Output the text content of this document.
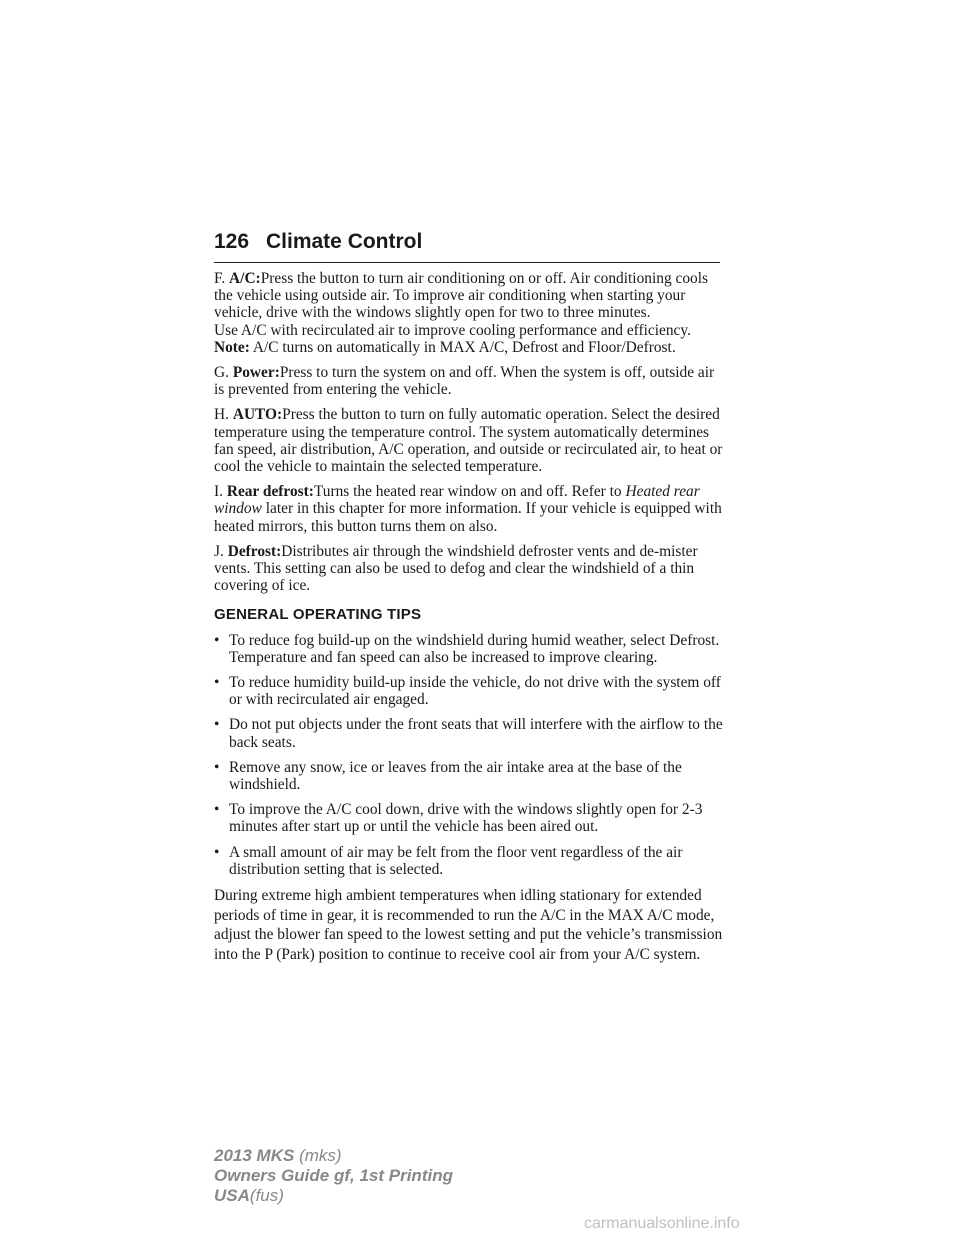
126 Climate Control

F. A/C:Press the button to turn air conditioning on or off. Air conditioning cools the vehicle using outside air. To improve air conditioning when starting your vehicle, drive with the windows slightly open for two to three minutes.

Use A/C with recirculated air to improve cooling performance and efficiency.

Note: A/C turns on automatically in MAX A/C, Defrost and Floor/Defrost.

G. Power:Press to turn the system on and off. When the system is off, outside air is prevented from entering the vehicle.

H. AUTO:Press the button to turn on fully automatic operation. Select the desired temperature using the temperature control. The system automatically determines fan speed, air distribution, A/C operation, and outside or recirculated air, to heat or cool the vehicle to maintain the selected temperature.

I. Rear defrost:Turns the heated rear window on and off. Refer to Heated rear window later in this chapter for more information. If your vehicle is equipped with heated mirrors, this button turns them on also.

J. Defrost:Distributes air through the windshield defroster vents and de-mister vents. This setting can also be used to defog and clear the windshield of a thin covering of ice.

GENERAL OPERATING TIPS
• To reduce fog build-up on the windshield during humid weather, select Defrost. Temperature and fan speed can also be increased to improve clearing.
• To reduce humidity build-up inside the vehicle, do not drive with the system off or with recirculated air engaged.
• Do not put objects under the front seats that will interfere with the airflow to the back seats.
• Remove any snow, ice or leaves from the air intake area at the base of the windshield.
• To improve the A/C cool down, drive with the windows slightly open for 2-3 minutes after start up or until the vehicle has been aired out.
• A small amount of air may be felt from the floor vent regardless of the air distribution setting that is selected.

During extreme high ambient temperatures when idling stationary for extended periods of time in gear, it is recommended to run the A/C in the MAX A/C mode, adjust the blower fan speed to the lowest setting and put the vehicle’s transmission into the P (Park) position to continue to receive cool air from your A/C system.

2013 MKS (mks)
Owners Guide gf, 1st Printing
USA(fus)
carmanualsonline.info
